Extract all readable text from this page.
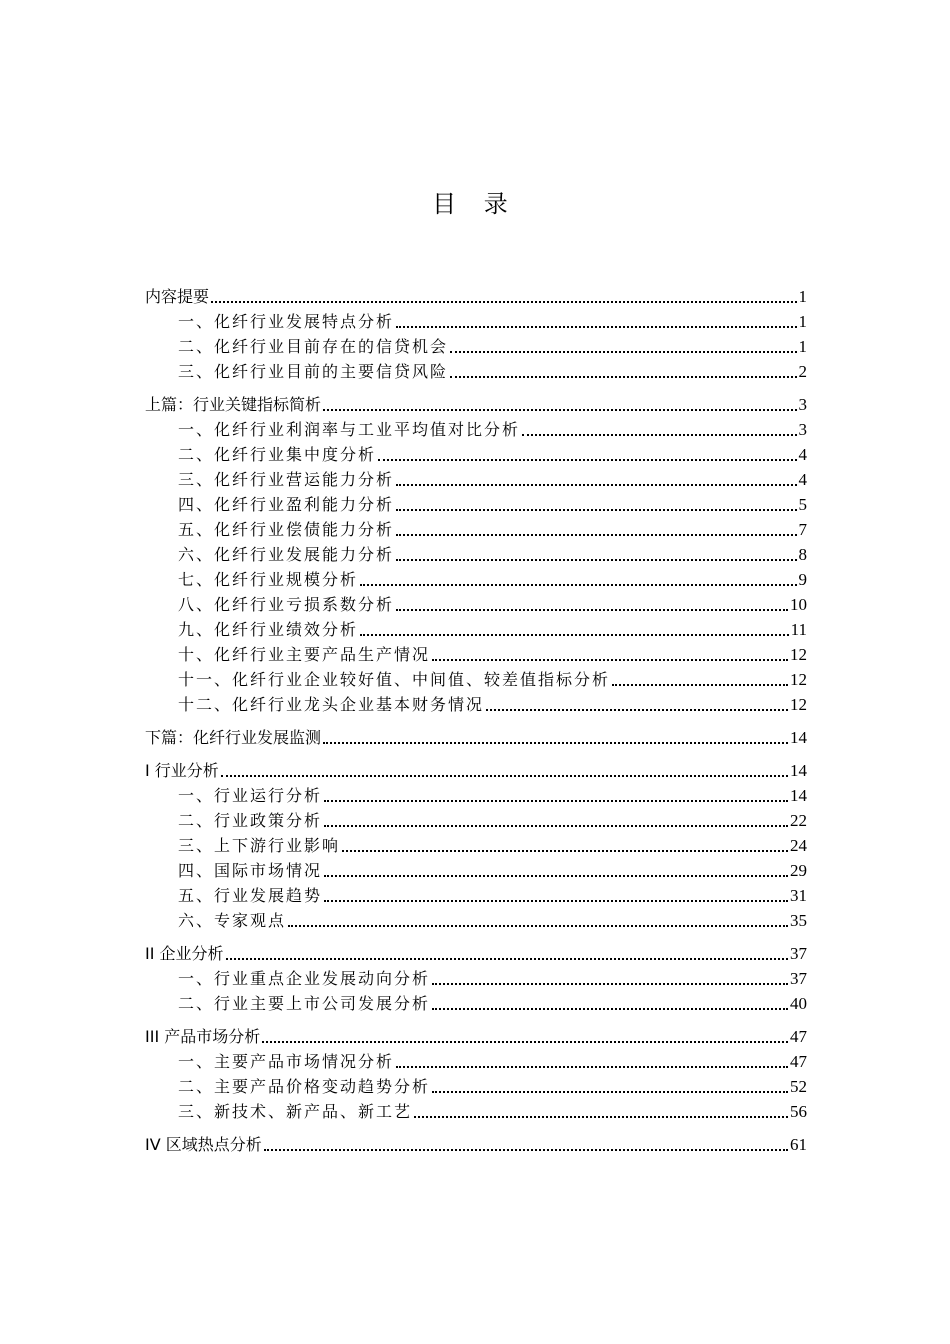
目 录
内容提要	1
一、化纤行业发展特点分析	1
二、化纤行业目前存在的信贷机会	1
三、化纤行业目前的主要信贷风险	2
上篇：行业关键指标简析	3
一、化纤行业利润率与工业平均值对比分析	3
二、化纤行业集中度分析	4
三、化纤行业营运能力分析	4
四、化纤行业盈利能力分析	5
五、化纤行业偿债能力分析	7
六、化纤行业发展能力分析	8
七、化纤行业规模分析	9
八、化纤行业亏损系数分析	10
九、化纤行业绩效分析	11
十、化纤行业主要产品生产情况	12
十一、化纤行业企业较好值、中间值、较差值指标分析	12
十二、化纤行业龙头企业基本财务情况	12
下篇：化纤行业发展监测	14
I 行业分析	14
一、行业运行分析	14
二、行业政策分析	22
三、上下游行业影响	24
四、国际市场情况	29
五、行业发展趋势	31
六、专家观点	35
II 企业分析	37
一、行业重点企业发展动向分析	37
二、行业主要上市公司发展分析	40
III 产品市场分析	47
一、主要产品市场情况分析	47
二、主要产品价格变动趋势分析	52
三、新技术、新产品、新工艺	56
IV 区域热点分析	61
